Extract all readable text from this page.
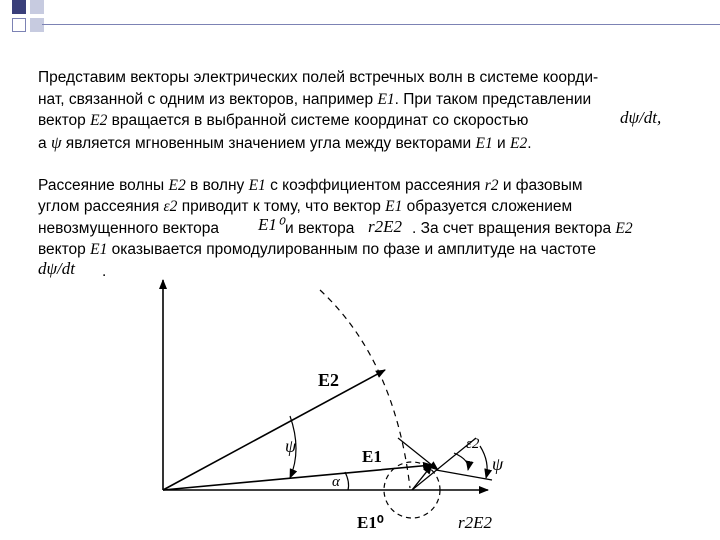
Представим векторы электрических полей встречных волн в системе коорди-
нат, связанной с одним из векторов, например E1. При таком представлении
вектор E2 вращается в выбранной системе координат со скоростью	dψ/dt,
а ψ является мгновенным значением угла между векторами E1 и E2.
Рассеяние волны E2 в волну E1 с коэффициентом рассеяния r2 и фазовым
углом рассеяния ε2 приводит к тому, что вектор E1 образуется сложением
невозмущенного вектора E1⁰ и вектора r2E2 . За счет вращения вектора E2
вектор E1 оказывается промодулированным по фазе и амплитуде на частоте
dψ/dt .
E2
E1
E1⁰	r2E2
ψ
α
ε2
ψ
